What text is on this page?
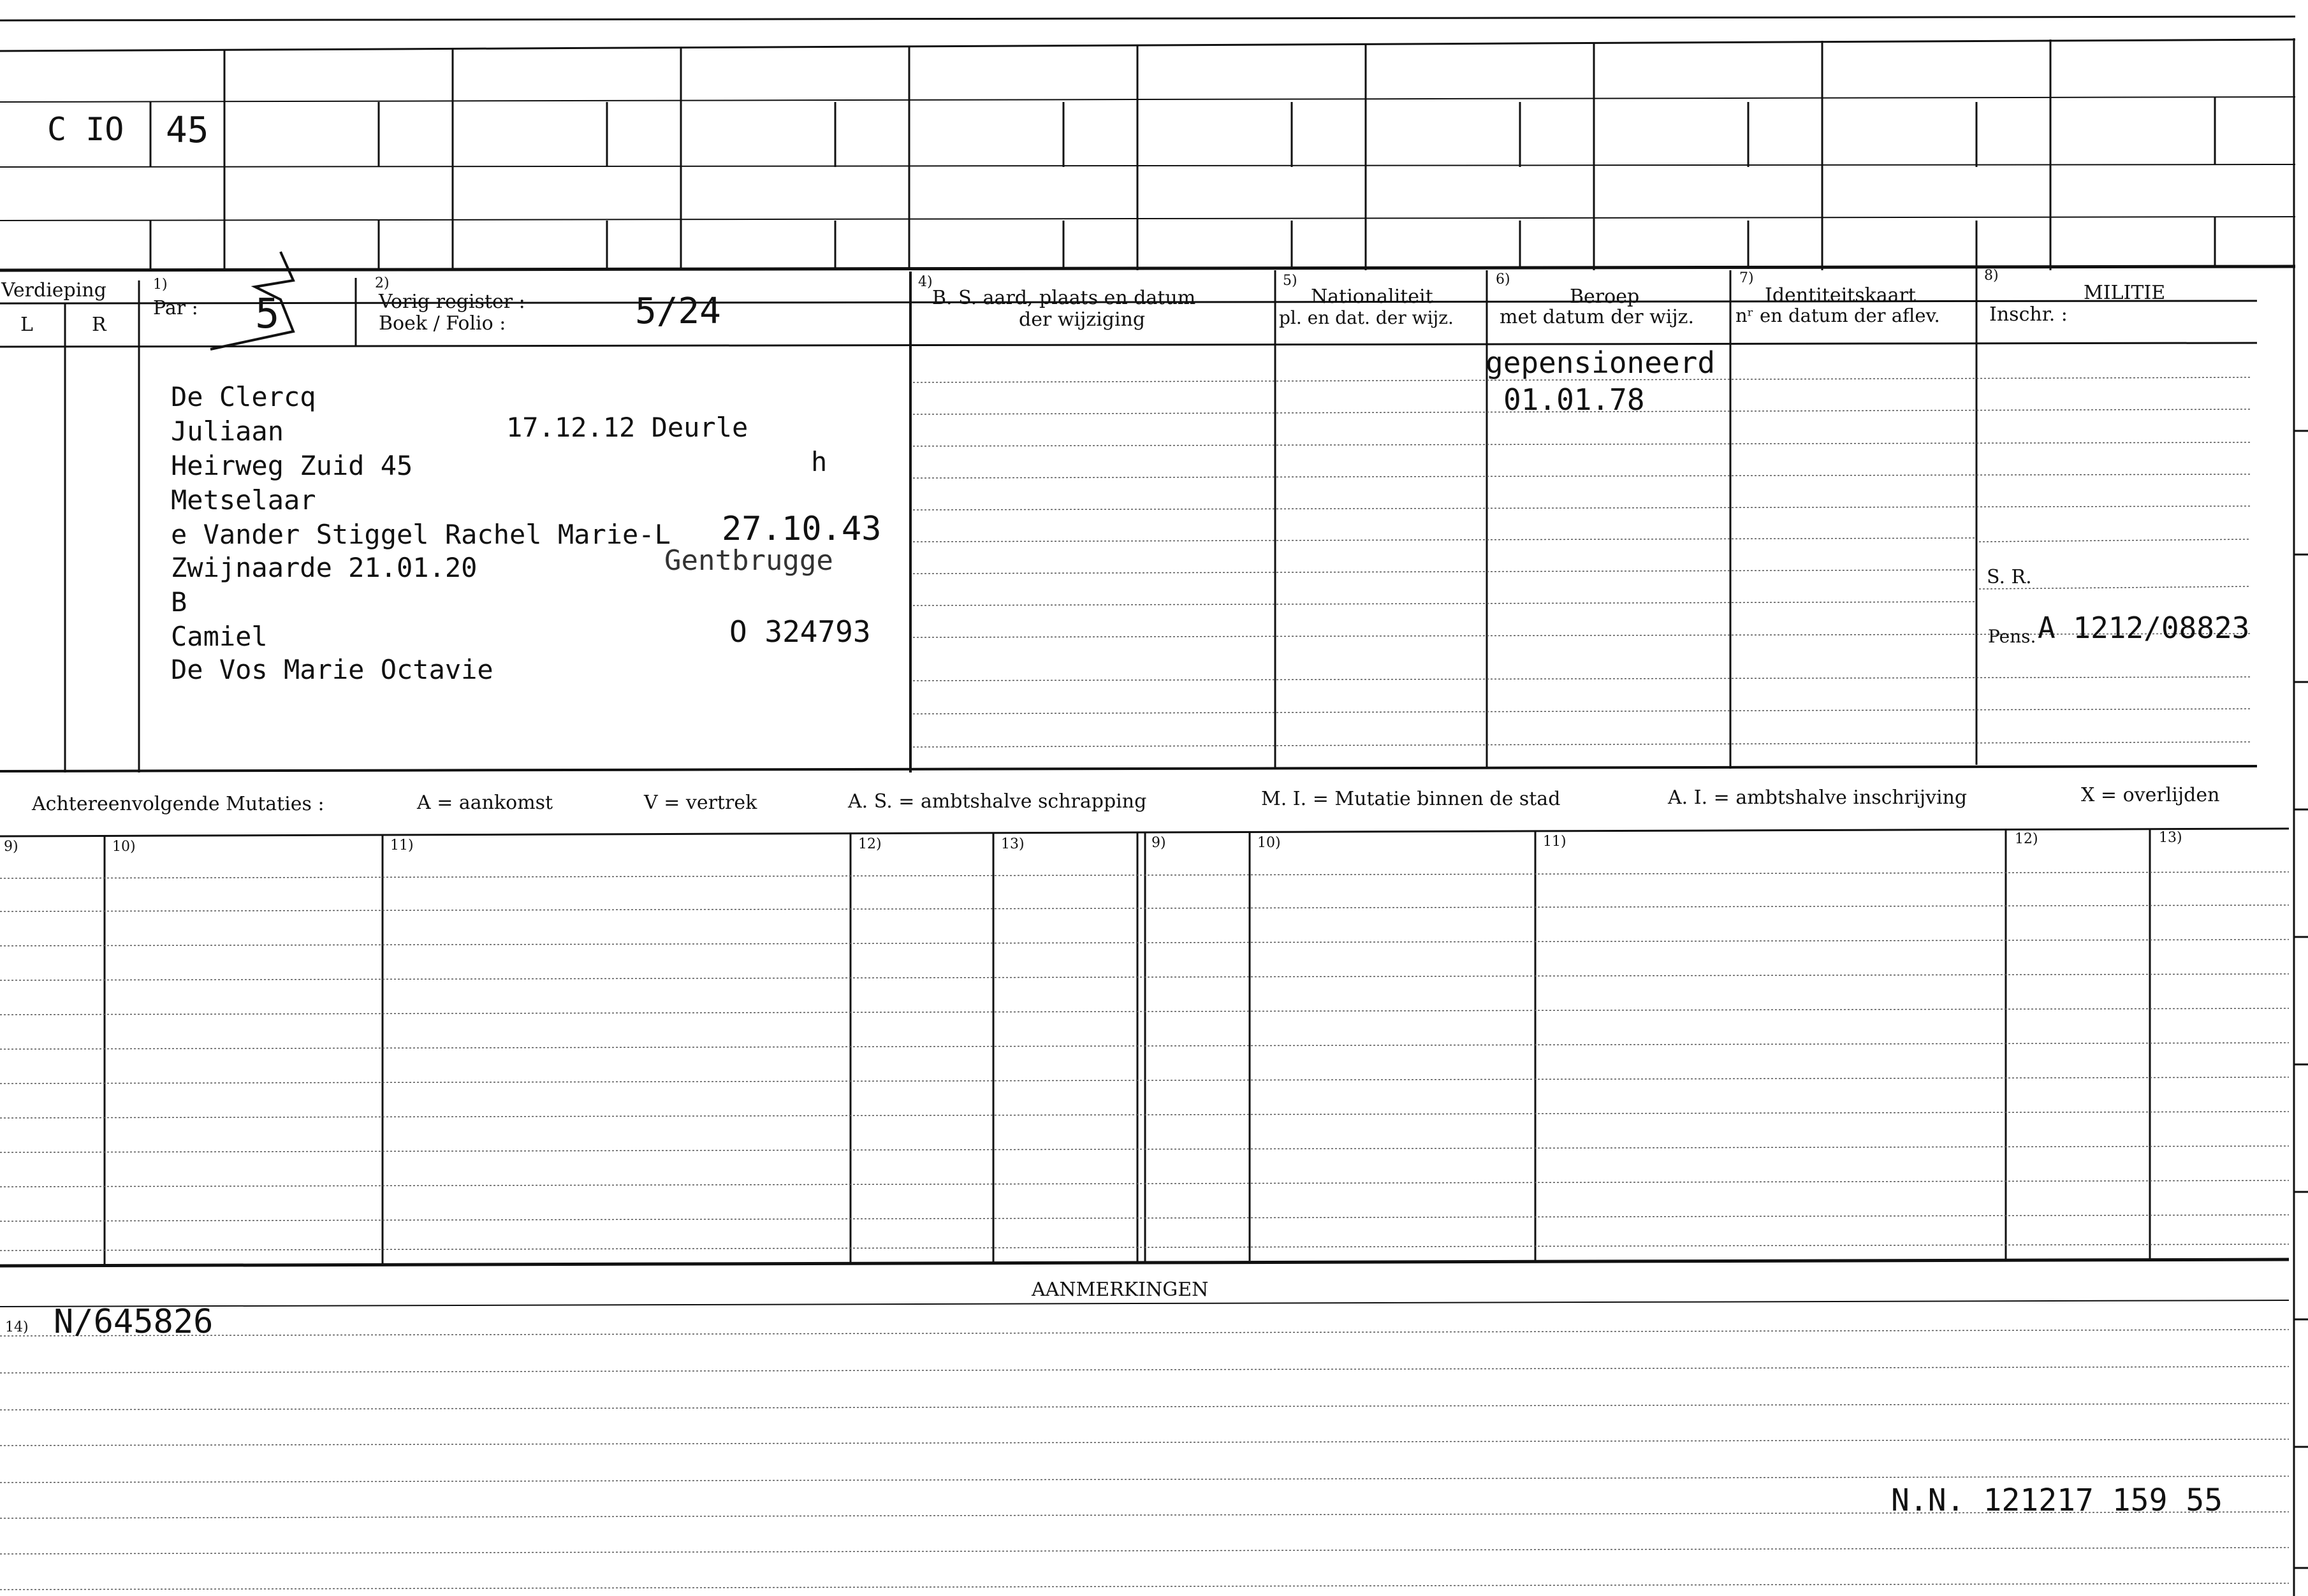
C IO 45
Verdieping
L	R
1)
Par : 5
2)
Vorig register :
Boek / Folio :	5/24
4)
B. S. aard, plaats en datum
der wijziging
5)
Nationaliteit
pl. en dat. der wijz.
6)
Beroep
met datum der wijz.
7)
Identiteitskaart
nʳ en datum der aflev.
8)
MILITIE
Inschr. :
De Clercq
Juliaan	17.12.12 Deurle
Heirweg Zuid 45	h
Metselaar
e Vander Stiggel Rachel Marie-L 27.10.43
Zwijnaarde 21.01.20	Gentbrugge
B
Camiel	O 324793
De Vos Marie Octavie
gepensioneerd
01.01.78
S. R.
Pens. A 1212/08823
Achtereenvolgende Mutaties :	A = aankomst	V = vertrek	A. S. = ambtshalve schrapping	M. I. = Mutatie binnen de stad	A. I. = ambtshalve inschrijving	X = overlijden
9)	10)	11)	12)	13)	9)	10)	11)	12)	13)
AANMERKINGEN
14) N/645826
N.N. 121217 159 55
